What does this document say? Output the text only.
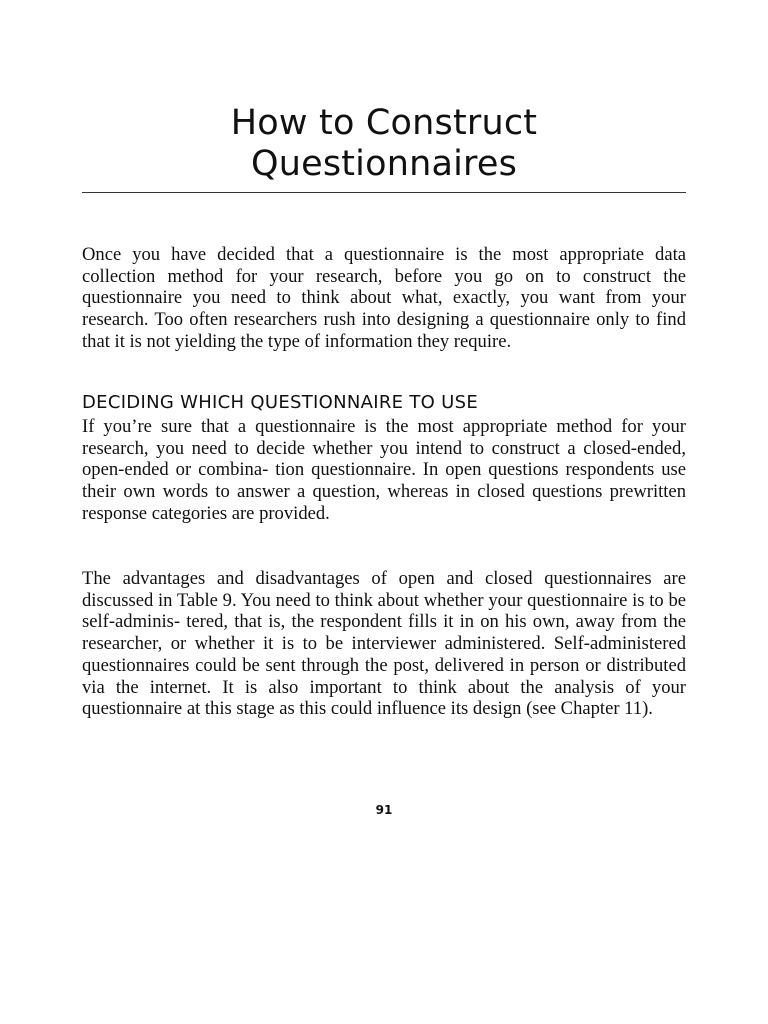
How to Construct
Questionnaires

Once you have decided that a questionnaire is the most appropriate data collection method for your research, before you go on to construct the questionnaire you need to think about what, exactly, you want from your research. Too often researchers rush into designing a questionnaire only to find that it is not yielding the type of information they require.

DECIDING WHICH QUESTIONNAIRE TO USE

If you’re sure that a questionnaire is the most appropriate method for your research, you need to decide whether you intend to construct a closed-ended, open-ended or combina- tion questionnaire. In open questions respondents use their own words to answer a question, whereas in closed questions prewritten response categories are provided.

The advantages and disadvantages of open and closed questionnaires are discussed in Table 9. You need to think about whether your questionnaire is to be self-adminis- tered, that is, the respondent fills it in on his own, away from the researcher, or whether it is to be interviewer administered. Self-administered questionnaires could be sent through the post, delivered in person or distributed via the internet. It is also important to think about the analysis of your questionnaire at this stage as this could influence its design (see Chapter 11).

91
